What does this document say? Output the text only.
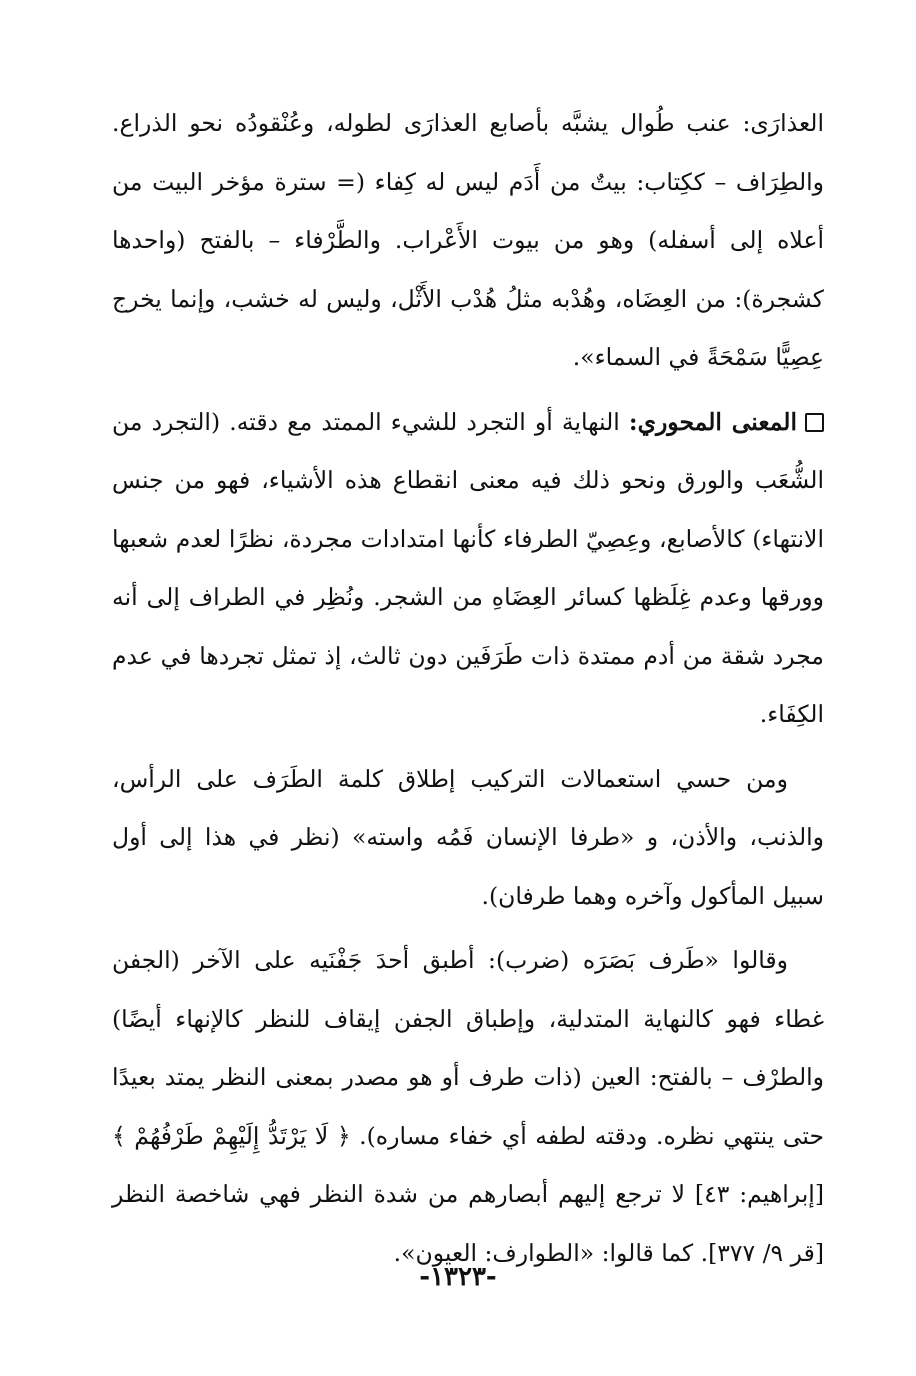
العذارَى: عنب طُوال يشبَّه بأصابع العذارَى لطوله، وعُنْقودُه نحو الذراع. والطِرَاف – ككِتاب: بيتٌ من أَدَم ليس له كِفاء (= سترة مؤخر البيت من أعلاه إلى أسفله) وهو من بيوت الأَعْراب. والطَّرْفاء – بالفتح (واحدها كشجرة): من العِضَاه، وهُدْبه مثلُ هُدْب الأَثْل، وليس له خشب، وإنما يخرج عِصِيًّا سَمْحَةً في السماء».

المعنى المحوري: النهاية أو التجرد للشيء الممتد مع دقته. (التجرد من الشُّعَب والورق ونحو ذلك فيه معنى انقطاع هذه الأشياء، فهو من جنس الانتهاء) كالأصابع، وعِصِيّ الطرفاء كأنها امتدادات مجردة، نظرًا لعدم شعبها وورقها وعدم غِلَظها كسائر العِضَاهِ من الشجر. ونُظِر في الطراف إلى أنه مجرد شقة من أدم ممتدة ذات طَرَفَين دون ثالث، إذ تمثل تجردها في عدم الكِفَاء.

ومن حسي استعمالات التركيب إطلاق كلمة الطَرَف على الرأس، والذنب، والأذن، و «طرفا الإنسان فَمُه واسته» (نظر في هذا إلى أول سبيل المأكول وآخره وهما طرفان).

وقالوا «طَرف بَصَرَه (ضرب): أطبق أحدَ جَفْنَيه على الآخر (الجفن غطاء فهو كالنهاية المتدلية، وإطباق الجفن إيقاف للنظر كالإنهاء أيضًا) والطرْف – بالفتح: العين (ذات طرف أو هو مصدر بمعنى النظر يمتد بعيدًا حتى ينتهي نظره. ودقته لطفه أي خفاء مساره). ﴿ لَا يَرْتَدُّ إِلَيْهِمْ طَرْفُهُمْ ﴾ [إبراهيم: ٤٣] لا ترجع إليهم أبصارهم من شدة النظر فهي شاخصة النظر [قر ٩/ ٣٧٧]. كما قالوا: «الطوارف: العيون».

-١٣٢٣-
